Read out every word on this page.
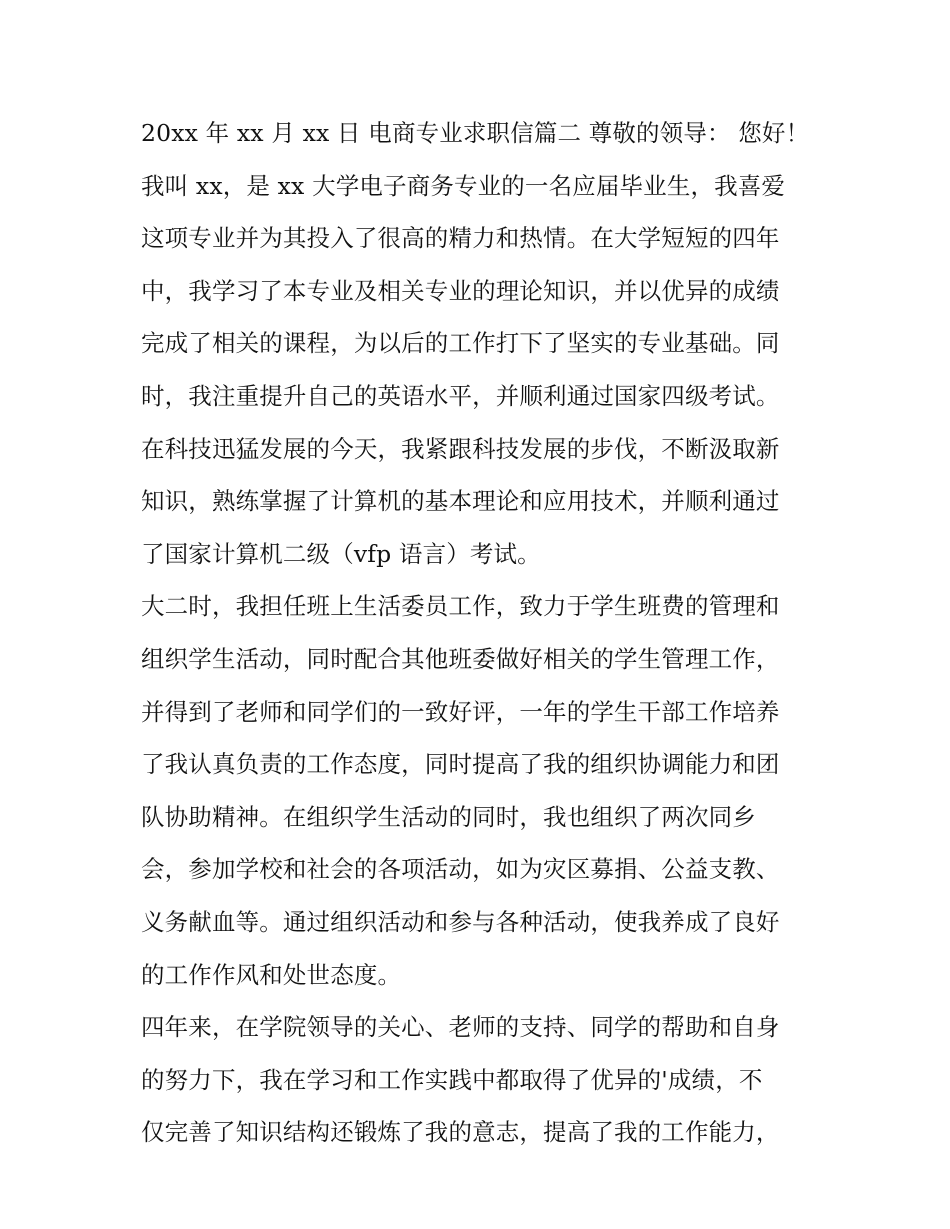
20xx 年 xx 月 xx 日 电商专业求职信篇二 尊敬的领导： 您好！
我叫 xx，是 xx 大学电子商务专业的一名应届毕业生，我喜爱
这项专业并为其投入了很高的精力和热情。在大学短短的四年
中，我学习了本专业及相关专业的理论知识，并以优异的成绩
完成了相关的课程，为以后的工作打下了坚实的专业基础。同
时，我注重提升自己的英语水平，并顺利通过国家四级考试。
在科技迅猛发展的今天，我紧跟科技发展的步伐，不断汲取新
知识，熟练掌握了计算机的基本理论和应用技术，并顺利通过
了国家计算机二级（vfp 语言）考试。
大二时，我担任班上生活委员工作，致力于学生班费的管理和
组织学生活动，同时配合其他班委做好相关的学生管理工作，
并得到了老师和同学们的一致好评，一年的学生干部工作培养
了我认真负责的工作态度，同时提高了我的组织协调能力和团
队协助精神。在组织学生活动的同时，我也组织了两次同乡
会，参加学校和社会的各项活动，如为灾区募捐、公益支教、
义务献血等。通过组织活动和参与各种活动，使我养成了良好
的工作作风和处世态度。
四年来，在学院领导的关心、老师的支持、同学的帮助和自身
的努力下，我在学习和工作实践中都取得了优异的'成绩，不
仅完善了知识结构还锻炼了我的意志，提高了我的工作能力，
